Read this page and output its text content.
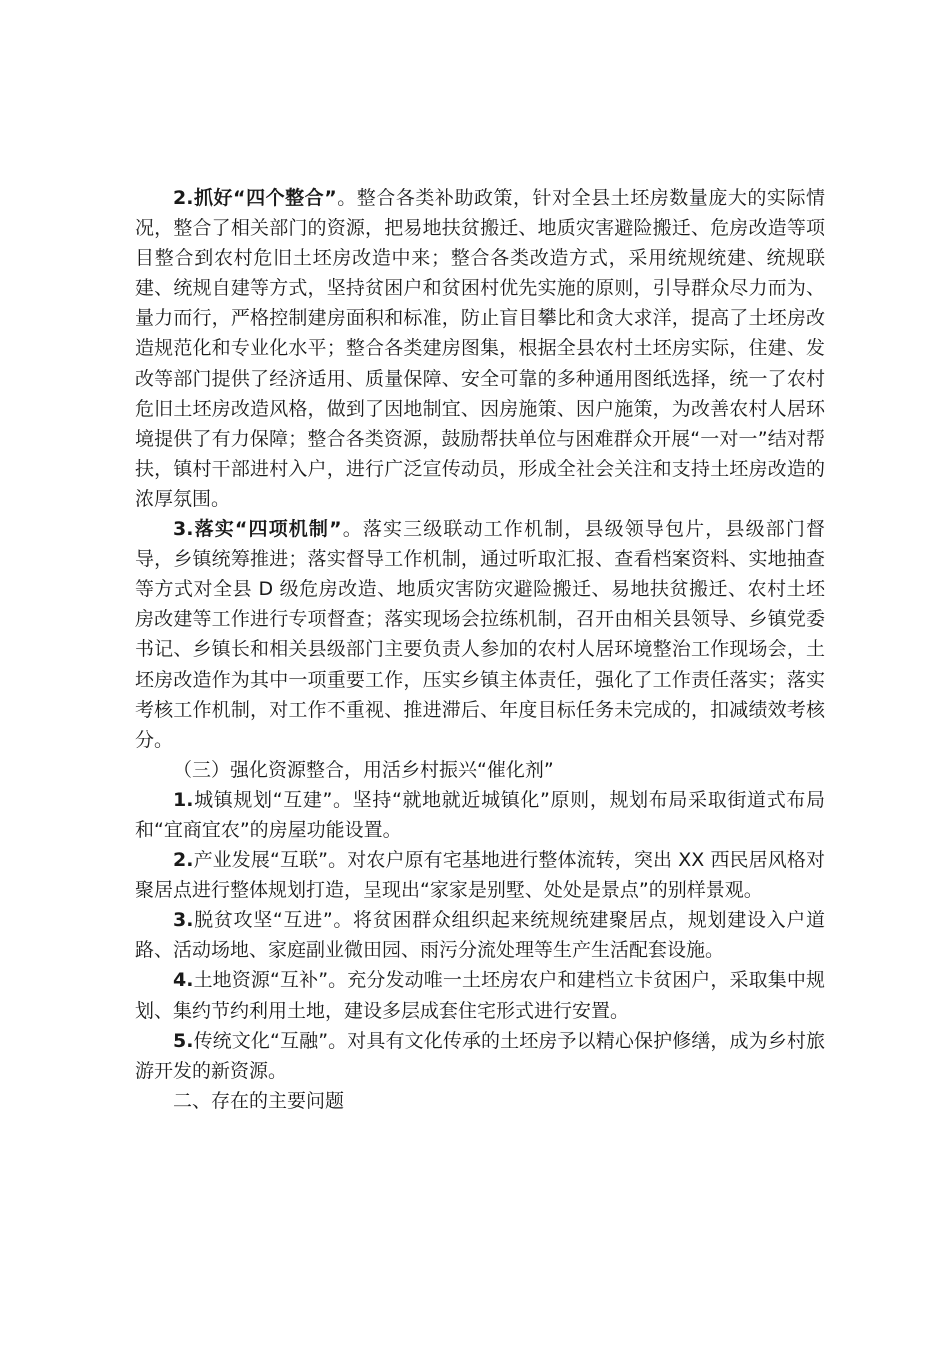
2.抓好“四个整合”。整合各类补助政策，针对全县土坯房数量庞大的实际情况，整合了相关部门的资源，把易地扶贫搬迁、地质灾害避险搬迁、危房改造等项目整合到农村危旧土坯房改造中来；整合各类改造方式，采用统规统建、统规联建、统规自建等方式，坚持贫困户和贫困村优先实施的原则，引导群众尽力而为、量力而行，严格控制建房面积和标准，防止盲目攀比和贪大求洋，提高了土坯房改造规范化和专业化水平；整合各类建房图集，根据全县农村土坯房实际，住建、发改等部门提供了经济适用、质量保障、安全可靠的多种通用图纸选择，统一了农村危旧土坯房改造风格，做到了因地制宜、因房施策、因户施策，为改善农村人居环境提供了有力保障；整合各类资源，鼓励帮扶单位与困难群众开展“一对一”结对帮扶，镇村干部进村入户，进行广泛宣传动员，形成全社会关注和支持土坯房改造的浓厚氛围。

3.落实“四项机制”。落实三级联动工作机制，县级领导包片，县级部门督导，乡镇统筹推进；落实督导工作机制，通过听取汇报、查看档案资料、实地抽查等方式对全县 D 级危房改造、地质灾害防灾避险搬迁、易地扶贫搬迁、农村土坯房改建等工作进行专项督查；落实现场会拉练机制，召开由相关县领导、乡镇党委书记、乡镇长和相关县级部门主要负责人参加的农村人居环境整治工作现场会，土坯房改造作为其中一项重要工作，压实乡镇主体责任，强化了工作责任落实；落实考核工作机制，对工作不重视、推进滞后、年度目标任务未完成的，扣减绩效考核分。

（三）强化资源整合，用活乡村振兴“催化剂”

1.城镇规划“互建”。坚持“就地就近城镇化”原则，规划布局采取街道式布局和“宜商宜农”的房屋功能设置。

2.产业发展“互联”。对农户原有宅基地进行整体流转，突出 XX 西民居风格对聚居点进行整体规划打造，呈现出“家家是别墅、处处是景点”的别样景观。

3.脱贫攻坚“互进”。将贫困群众组织起来统规统建聚居点，规划建设入户道路、活动场地、家庭副业微田园、雨污分流处理等生产生活配套设施。

4.土地资源“互补”。充分发动唯一土坯房农户和建档立卡贫困户，采取集中规划、集约节约利用土地，建设多层成套住宅形式进行安置。

5.传统文化“互融”。对具有文化传承的土坯房予以精心保护修缮，成为乡村旅游开发的新资源。

二、存在的主要问题
